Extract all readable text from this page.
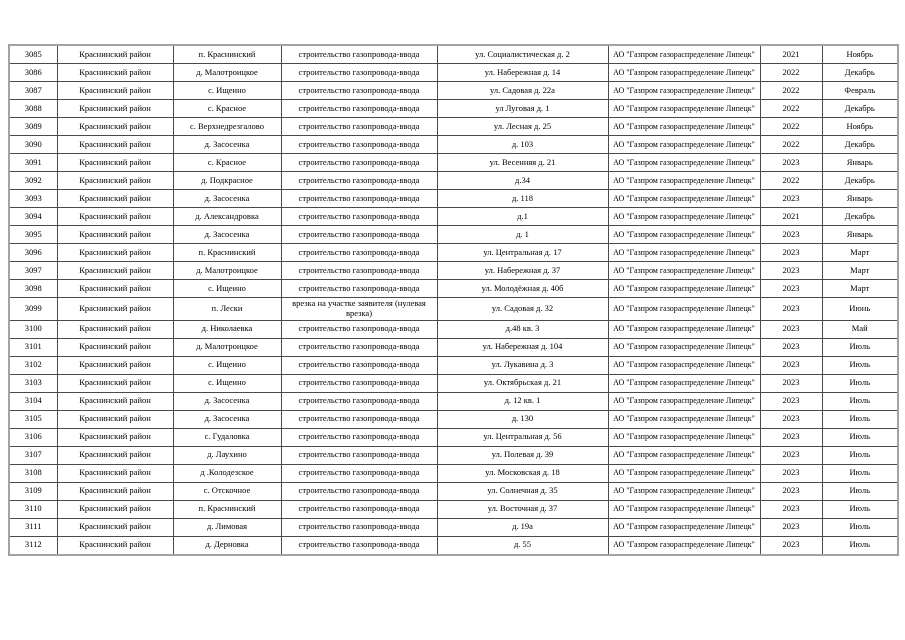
3085	Краснинский район	п. Краснинский	строительство газопровода-ввода	ул. Социалистическая д. 2	АО "Газпром газораспределение Липецк"	2021	Ноябрь
3086	Краснинский район	д. Малотроицкое	строительство газопровода-ввода	ул. Набережная д. 14	АО "Газпром газораспределение Липецк"	2022	Декабрь
3087	Краснинский район	с. Ищеино	строительство газопровода-ввода	ул. Садовая д. 22а	АО "Газпром газораспределение Липецк"	2022	Февраль
3088	Краснинский район	с. Красное	строительство газопровода-ввода	ул Луговая д. 1	АО "Газпром газораспределение Липецк"	2022	Декабрь
3089	Краснинский район	с. Верхнедрезгалово	строительство газопровода-ввода	ул. Лесная д. 25	АО "Газпром газораспределение Липецк"	2022	Ноябрь
3090	Краснинский район	д. Засосенка	строительство газопровода-ввода	д. 103	АО "Газпром газораспределение Липецк"	2022	Декабрь
3091	Краснинский район	с. Красное	строительство газопровода-ввода	ул. Весенняя д. 21	АО "Газпром газораспределение Липецк"	2023	Январь
3092	Краснинский район	д. Подкрасное	строительство газопровода-ввода	д.34	АО "Газпром газораспределение Липецк"	2022	Декабрь
3093	Краснинский район	д. Засосенка	строительство газопровода-ввода	д. 118	АО "Газпром газораспределение Липецк"	2023	Январь
3094	Краснинский район	д. Александровка	строительство газопровода-ввода	д.1	АО "Газпром газораспределение Липецк"	2021	Декабрь
3095	Краснинский район	д. Засосенка	строительство газопровода-ввода	д. 1	АО "Газпром газораспределение Липецк"	2023	Январь
3096	Краснинский район	п. Краснинский	строительство газопровода-ввода	ул. Центральная д. 17	АО "Газпром газораспределение Липецк"	2023	Март
3097	Краснинский район	д. Малотроицкое	строительство газопровода-ввода	ул. Набережная д. 37	АО "Газпром газораспределение Липецк"	2023	Март
3098	Краснинский район	с. Ищеино	строительство газопровода-ввода	ул. Молодёжная д. 40б	АО "Газпром газораспределение Липецк"	2023	Март
3099	Краснинский район	п. Лески	врезка на участке заявителя (нулевая врезка)	ул. Садовая д. 32	АО "Газпром газораспределение Липецк"	2023	Июнь
3100	Краснинский район	д. Николаевка	строительство газопровода-ввода	д.48 кв. 3	АО "Газпром газораспределение Липецк"	2023	Май
3101	Краснинский район	д. Малотроицкое	строительство газопровода-ввода	ул. Набережная д. 104	АО "Газпром газораспределение Липецк"	2023	Июль
3102	Краснинский район	с. Ищеино	строительство газопровода-ввода	ул. Лукавина д. 3	АО "Газпром газораспределение Липецк"	2023	Июль
3103	Краснинский район	с. Ищеино	строительство газопровода-ввода	ул. Октябрьская д. 21	АО "Газпром газораспределение Липецк"	2023	Июль
3104	Краснинский район	д. Засосенка	строительство газопровода-ввода	д. 12 кв. 1	АО "Газпром газораспределение Липецк"	2023	Июль
3105	Краснинский район	д. Засосенка	строительство газопровода-ввода	д. 130	АО "Газпром газораспределение Липецк"	2023	Июль
3106	Краснинский район	с. Гудаловка	строительство газопровода-ввода	ул. Центральная д. 56	АО "Газпром газораспределение Липецк"	2023	Июль
3107	Краснинский район	д. Лаухино	строительство газопровода-ввода	ул. Полевая д. 39	АО "Газпром газораспределение Липецк"	2023	Июль
3108	Краснинский район	д .Колодезское	строительство газопровода-ввода	ул. Московская д. 18	АО "Газпром газораспределение Липецк"	2023	Июль
3109	Краснинский район	с. Отскочное	строительство газопровода-ввода	ул. Солнечная д. 35	АО "Газпром газораспределение Липецк"	2023	Июль
3110	Краснинский район	п. Краснинский	строительство газопровода-ввода	ул. Восточная д. 37	АО "Газпром газораспределение Липецк"	2023	Июль
3111	Краснинский район	д. Лимовая	строительство газопровода-ввода	д. 19а	АО "Газпром газораспределение Липецк"	2023	Июль
3112	Краснинский район	д. Дерновка	строительство газопровода-ввода	д. 55	АО "Газпром газораспределение Липецк"	2023	Июль
